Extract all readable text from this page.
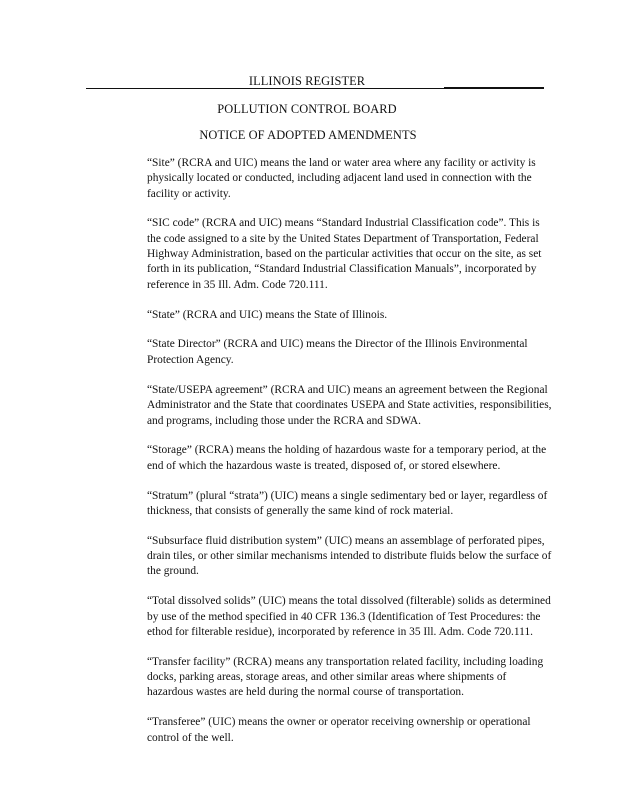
ILLINOIS REGISTER
POLLUTION CONTROL BOARD
NOTICE OF ADOPTED AMENDMENTS

“Site” (RCRA and UIC) means the land or water area where any facility or activity is physically located or conducted, including adjacent land used in connection with the facility or activity.

“SIC code” (RCRA and UIC) means “Standard Industrial Classification code”. This is the code assigned to a site by the United States Department of Transportation, Federal Highway Administration, based on the particular activities that occur on the site, as set forth in its publication, “Standard Industrial Classification Manuals”, incorporated by reference in 35 Ill. Adm. Code 720.111.

“State” (RCRA and UIC) means the State of Illinois.

“State Director” (RCRA and UIC) means the Director of the Illinois Environmental Protection Agency.

“State/USEPA agreement” (RCRA and UIC) means an agreement between the Regional Administrator and the State that coordinates USEPA and State activities, responsibilities, and programs, including those under the RCRA and SDWA.

“Storage” (RCRA) means the holding of hazardous waste for a temporary period, at the end of which the hazardous waste is treated, disposed of, or stored elsewhere.

“Stratum” (plural “strata”) (UIC) means a single sedimentary bed or layer, regardless of thickness, that consists of generally the same kind of rock material.

“Subsurface fluid distribution system” (UIC) means an assemblage of perforated pipes, drain tiles, or other similar mechanisms intended to distribute fluids below the surface of the ground.

“Total dissolved solids” (UIC) means the total dissolved (filterable) solids as determined by use of the method specified in 40 CFR 136.3 (Identification of Test Procedures: the ethod for filterable residue), incorporated by reference in 35 Ill. Adm. Code 720.111.

“Transfer facility” (RCRA) means any transportation related facility, including loading docks, parking areas, storage areas, and other similar areas where shipments of hazardous wastes are held during the normal course of transportation.

“Transferee” (UIC) means the owner or operator receiving ownership or operational control of the well.
